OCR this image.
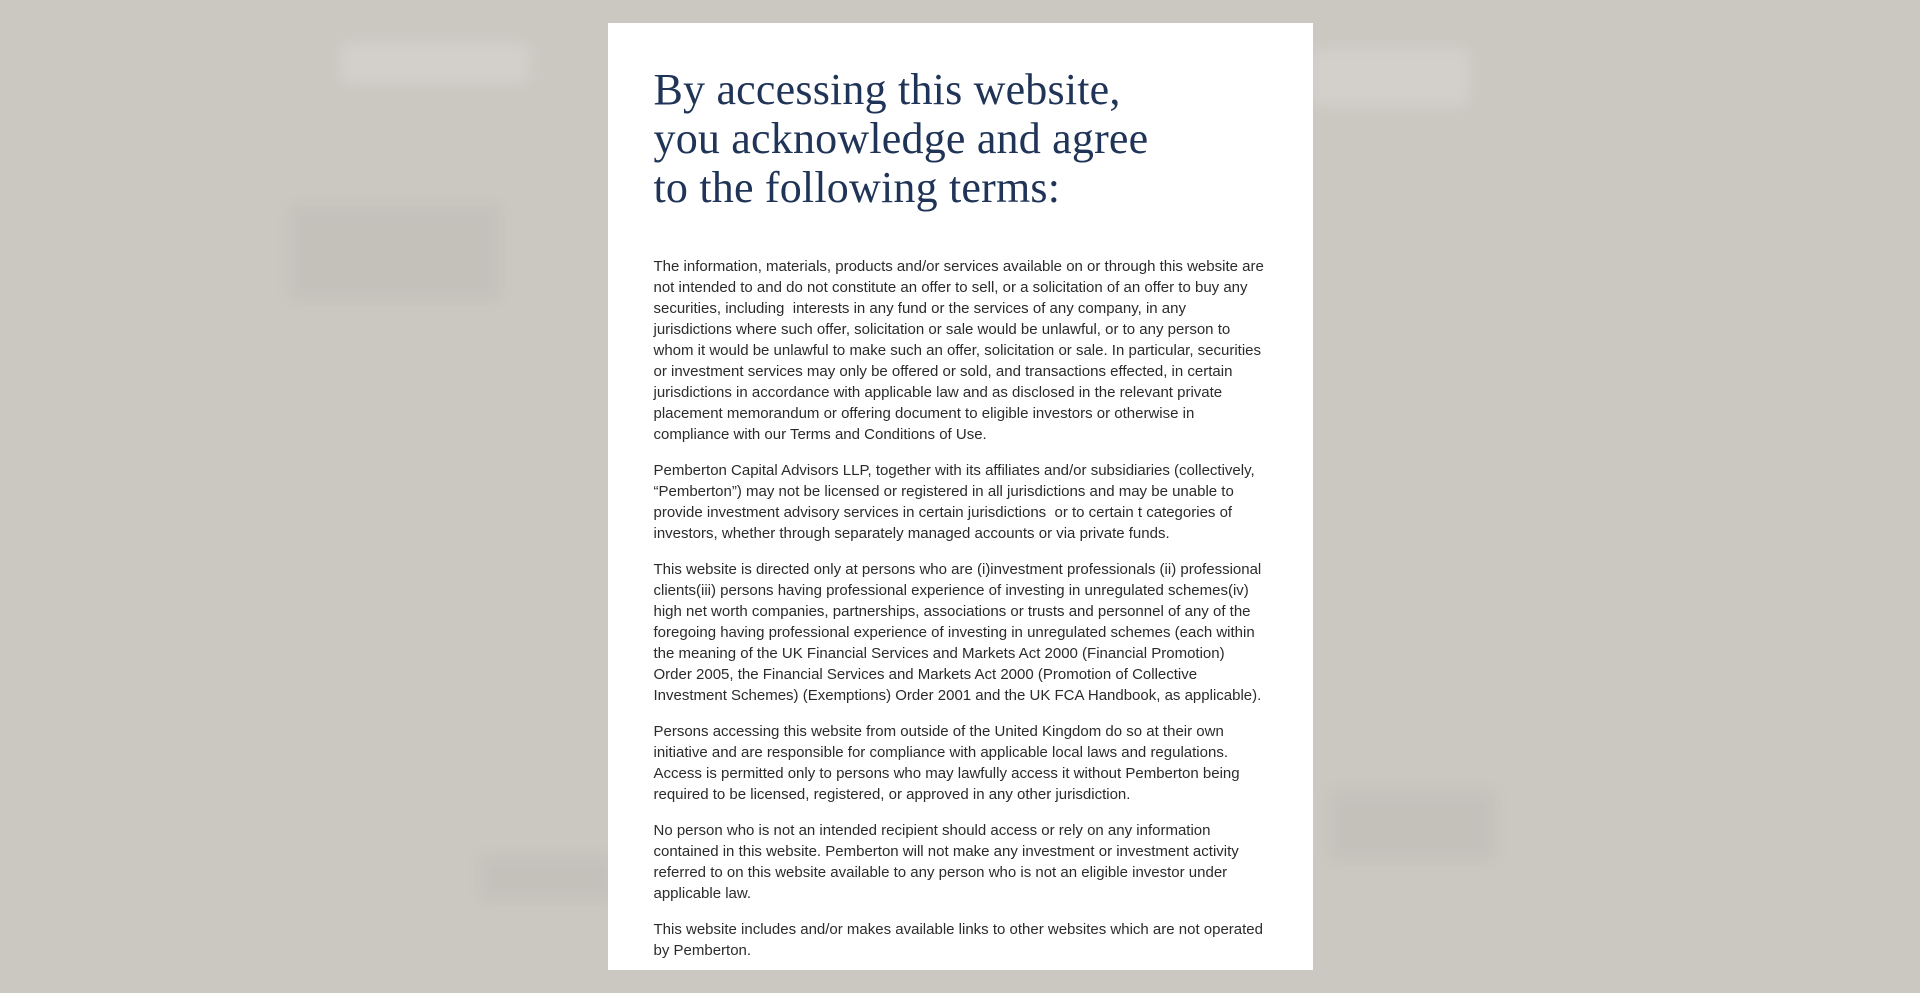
By accessing this website,
you acknowledge and agree
to the following terms:

The information, materials, products and/or services available on or through this website are not intended to and do not constitute an offer to sell, or a solicitation of an offer to buy any securities, including  interests in any fund or the services of any company, in any jurisdictions where such offer, solicitation or sale would be unlawful, or to any person to whom it would be unlawful to make such an offer, solicitation or sale. In particular, securities or investment services may only be offered or sold, and transactions effected, in certain jurisdictions in accordance with applicable law and as disclosed in the relevant private placement memorandum or offering document to eligible investors or otherwise in compliance with our Terms and Conditions of Use.

Pemberton Capital Advisors LLP, together with its affiliates and/or subsidiaries (collectively, “Pemberton”) may not be licensed or registered in all jurisdictions and may be unable to provide investment advisory services in certain jurisdictions  or to certain t categories of investors, whether through separately managed accounts or via private funds.

This website is directed only at persons who are (i)investment professionals (ii) professional clients(iii) persons having professional experience of investing in unregulated schemes(iv) high net worth companies, partnerships, associations or trusts and personnel of any of the foregoing having professional experience of investing in unregulated schemes (each within the meaning of the UK Financial Services and Markets Act 2000 (Financial Promotion) Order 2005, the Financial Services and Markets Act 2000 (Promotion of Collective Investment Schemes) (Exemptions) Order 2001 and the UK FCA Handbook, as applicable).

Persons accessing this website from outside of the United Kingdom do so at their own initiative and are responsible for compliance with applicable local laws and regulations. Access is permitted only to persons who may lawfully access it without Pemberton being required to be licensed, registered, or approved in any other jurisdiction.

No person who is not an intended recipient should access or rely on any information contained in this website. Pemberton will not make any investment or investment activity referred to on this website available to any person who is not an eligible investor under applicable law.

This website includes and/or makes available links to other websites which are not operated by Pemberton.
